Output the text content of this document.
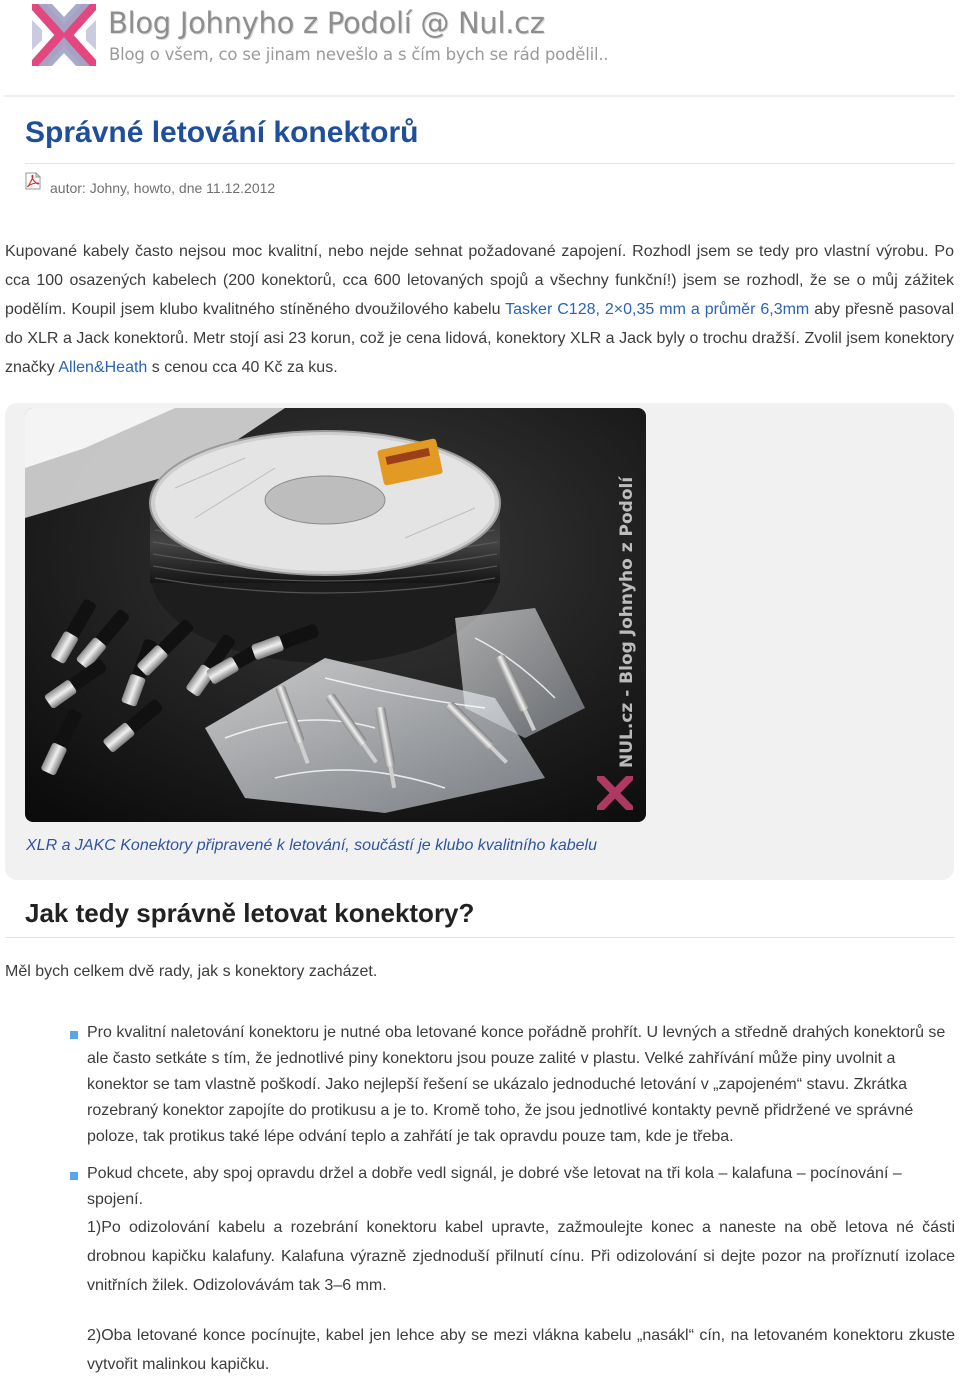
Blog Johnyho z Podolí @ Nul.cz
Blog o všem, co se jinam nevešlo a s čím bych se rád podělil..
Správné letování konektorů
autor: Johny, howto, dne 11.12.2012

Kupované kabely často nejsou moc kvalitní, nebo nejde sehnat požadované zapojení. Rozhodl jsem se tedy pro vlastní výrobu. Po cca 100 osazených kabelech (200 konektorů, cca 600 letovaných spojů a všechny funkční!) jsem se rozhodl, že se o můj zážitek podělím. Koupil jsem klubo kvalitného stíněného dvoužilového kabelu Tasker C128, 2×0,35 mm a průměr 6,3mm aby přesně pasoval do XLR a Jack konektorů. Metr stojí asi 23 korun, což je cena lidová, konektory XLR a Jack byly o trochu dražší. Zvolil jsem konektory značky Allen&Heath s cenou cca 40 Kč za kus.

NUL.cz - Blog Johnyho z Podolí
XLR a JAKC Konektory připravené k letování, součástí je klubo kvalitního kabelu
Jak tedy správně letovat konektory?

Měl bych celkem dvě rady, jak s konektory zacházet.

Pro kvalitní naletování konektoru je nutné oba letované konce pořádně prohřít. U levných a středně drahých konektorů se ale často setkáte s tím, že jednotlivé piny konektoru jsou pouze zalité v plastu. Velké zahřívání může piny uvolnit a konektor se tam vlastně poškodí. Jako nejlepší řešení se ukázalo jednoduché letování v „zapojeném“ stavu. Zkrátka rozebraný konektor zapojíte do protikusu a je to. Kromě toho, že jsou jednotlivé kontakty pevně přidržené ve správné poloze, tak protikus také lépe odvání teplo a zahřátí je tak opravdu pouze tam, kde je třeba.
Pokud chcete, aby spoj opravdu držel a dobře vedl signál, je dobré vše letovat na tři kola – kalafuna – pocínování – spojení.
1)Po odizolování kabelu a rozebrání konektoru kabel upravte, zažmoulejte konec a naneste na obě letova né části drobnou kapičku kalafuny. Kalafuna výrazně zjednoduší přilnutí cínu. Při odizolování si dejte pozor na proříznutí izolace vnitřních žilek. Odizolovávám tak 3–6 mm.
2)Oba letované konce pocínujte, kabel jen lehce aby se mezi vlákna kabelu „nasákl“ cín, na letovaném konektoru zkuste vytvořit malinkou kapičku.
